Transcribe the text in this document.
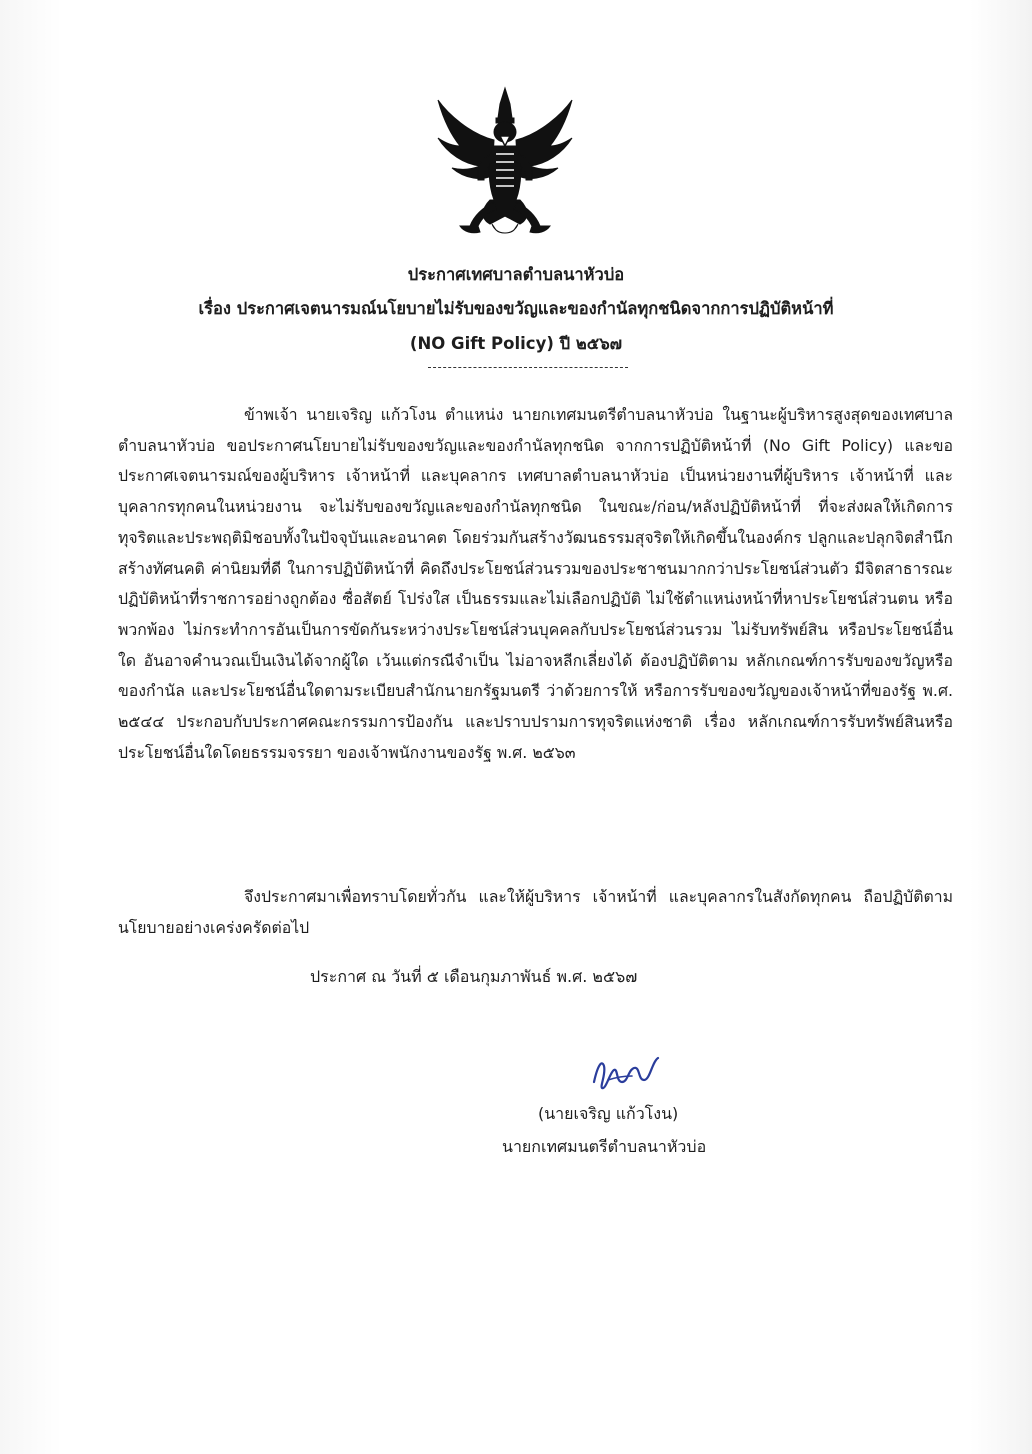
ประกาศเทศบาลตำบลนาหัวบ่อ
เรื่อง ประกาศเจตนารมณ์นโยบายไม่รับของขวัญและของกำนัลทุกชนิดจากการปฏิบัติหน้าที่
(NO Gift Policy) ปี ๒๕๖๗
ข้าพเจ้า นายเจริญ แก้วโงน ตำแหน่ง นายกเทศมนตรีตำบลนาหัวบ่อ ในฐานะผู้บริหารสูงสุดของเทศบาลตำบลนาหัวบ่อ ขอประกาศนโยบายไม่รับของขวัญและของกำนัลทุกชนิด จากการปฏิบัติหน้าที่ (No Gift Policy) และขอประกาศเจตนารมณ์ของผู้บริหาร เจ้าหน้าที่ และบุคลากร เทศบาลตำบลนาหัวบ่อ เป็นหน่วยงานที่ผู้บริหาร เจ้าหน้าที่ และบุคลากรทุกคนในหน่วยงาน จะไม่รับของขวัญและของกำนัลทุกชนิด ในขณะ/ก่อน/หลังปฏิบัติหน้าที่ ที่จะส่งผลให้เกิดการทุจริตและประพฤติมิชอบทั้งในปัจจุบันและอนาคต โดยร่วมกันสร้างวัฒนธรรมสุจริตให้เกิดขึ้นในองค์กร ปลูกและปลุกจิตสำนึก สร้างทัศนคติ ค่านิยมที่ดี ในการปฏิบัติหน้าที่ คิดถึงประโยชน์ส่วนรวมของประชาชนมากกว่าประโยชน์ส่วนตัว มีจิตสาธารณะ ปฏิบัติหน้าที่ราชการอย่างถูกต้อง ซื่อสัตย์ โปร่งใส เป็นธรรมและไม่เลือกปฏิบัติ ไม่ใช้ตำแหน่งหน้าที่หาประโยชน์ส่วนตน หรือพวกพ้อง ไม่กระทำการอันเป็นการขัดกันระหว่างประโยชน์ส่วนบุคคลกับประโยชน์ส่วนรวม ไม่รับทรัพย์สิน หรือประโยชน์อื่นใด อันอาจคำนวณเป็นเงินได้จากผู้ใด เว้นแต่กรณีจำเป็น ไม่อาจหลีกเลี่ยงได้ ต้องปฏิบัติตาม หลักเกณฑ์การรับของขวัญหรือของกำนัล และประโยชน์อื่นใดตามระเบียบสำนักนายกรัฐมนตรี ว่าด้วยการให้ หรือการรับของขวัญของเจ้าหน้าที่ของรัฐ พ.ศ. ๒๕๔๔ ประกอบกับประกาศคณะกรรมการป้องกัน และปราบปรามการทุจริตแห่งชาติ เรื่อง หลักเกณฑ์การรับทรัพย์สินหรือประโยชน์อื่นใดโดยธรรมจรรยา ของเจ้าพนักงานของรัฐ พ.ศ. ๒๕๖๓
จึงประกาศมาเพื่อทราบโดยทั่วกัน และให้ผู้บริหาร เจ้าหน้าที่ และบุคลากรในสังกัดทุกคน ถือปฏิบัติตามนโยบายอย่างเคร่งครัดต่อไป
ประกาศ ณ วันที่ ๕ เดือนกุมภาพันธ์ พ.ศ. ๒๕๖๗
(นายเจริญ แก้วโงน)
นายกเทศมนตรีตำบลนาหัวบ่อ
